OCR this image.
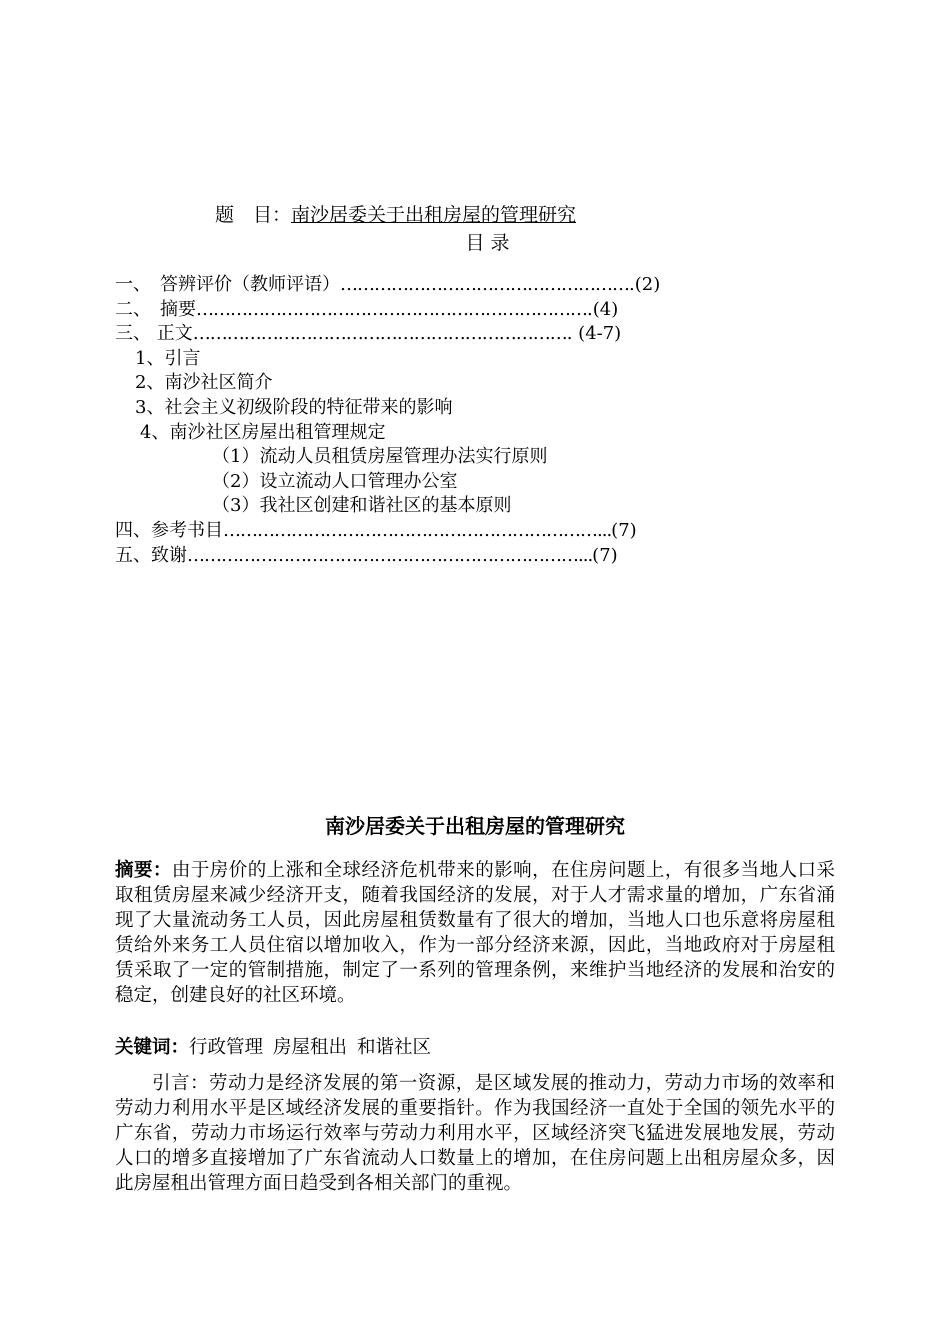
题　目：南沙居委关于出租房屋的管理研究
目 录
一、　答辨评价（教师评语）…………………………………………….(2)
二、　摘要…………………………………………………………….(4)
三、 正文…………………………………………………………. (4-7)
1、引言
2、南沙社区简介
3、社会主义初级阶段的特征带来的影响
4、南沙社区房屋出租管理规定
（1）流动人员租赁房屋管理办法实行原则
（2）设立流动人口管理办公室
（3）我社区创建和谐社区的基本原则
四、参考书目…………………………………………………………...(7)
五、致谢……………………………………………………………...(7)
南沙居委关于出租房屋的管理研究
摘要：由于房价的上涨和全球经济危机带来的影响，在住房问题上，有很多当地人口采取租赁房屋来减少经济开支，随着我国经济的发展，对于人才需求量的增加，广东省涌现了大量流动务工人员，因此房屋租赁数量有了很大的增加，当地人口也乐意将房屋租赁给外来务工人员住宿以增加收入，作为一部分经济来源，因此，当地政府对于房屋租赁采取了一定的管制措施，制定了一系列的管理条例，来维护当地经济的发展和治安的稳定，创建良好的社区环境。
关键词：行政管理 房屋租出 和谐社区
引言：劳动力是经济发展的第一资源，是区域发展的推动力，劳动力市场的效率和劳动力利用水平是区域经济发展的重要指针。作为我国经济一直处于全国的领先水平的广东省，劳动力市场运行效率与劳动力利用水平，区域经济突飞猛进发展地发展，劳动人口的增多直接增加了广东省流动人口数量上的增加，在住房问题上出租房屋众多，因此房屋租出管理方面日趋受到各相关部门的重视。
